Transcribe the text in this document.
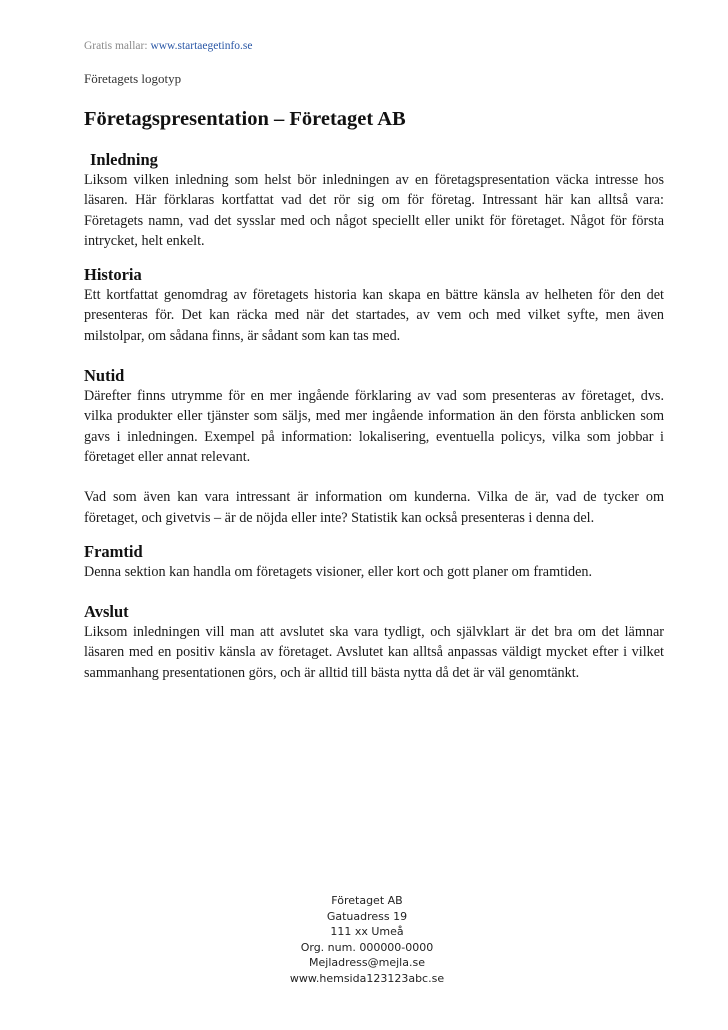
Gratis mallar: www.startaegetinfo.se
Företagets logotyp
Företagspresentation – Företaget AB
Inledning

Liksom vilken inledning som helst bör inledningen av en företagspresentation väcka intresse hos läsaren. Här förklaras kortfattat vad det rör sig om för företag. Intressant här kan alltså vara: Företagets namn, vad det sysslar med och något speciellt eller unikt för företaget. Något för första intrycket, helt enkelt.

Historia

Ett kortfattat genomdrag av företagets historia kan skapa en bättre känsla av helheten för den det presenteras för. Det kan räcka med när det startades, av vem och med vilket syfte, men även milstolpar, om sådana finns, är sådant som kan tas med.

Nutid

Därefter finns utrymme för en mer ingående förklaring av vad som presenteras av företaget, dvs. vilka produkter eller tjänster som säljs, med mer ingående information än den första anblicken som gavs i inledningen. Exempel på information: lokalisering, eventuella policys, vilka som jobbar i företaget eller annat relevant.

Vad som även kan vara intressant är information om kunderna. Vilka de är, vad de tycker om företaget, och givetvis – är de nöjda eller inte? Statistik kan också presenteras i denna del.

Framtid

Denna sektion kan handla om företagets visioner, eller kort och gott planer om framtiden.

Avslut

Liksom inledningen vill man att avslutet ska vara tydligt, och självklart är det bra om det lämnar läsaren med en positiv känsla av företaget. Avslutet kan alltså anpassas väldigt mycket efter i vilket sammanhang presentationen görs, och är alltid till bästa nytta då det är väl genomtänkt.

Företaget AB
Gatuadress 19
111 xx Umeå
Org. num. 000000-0000
Mejladress@mejla.se
www.hemsida123123abc.se
